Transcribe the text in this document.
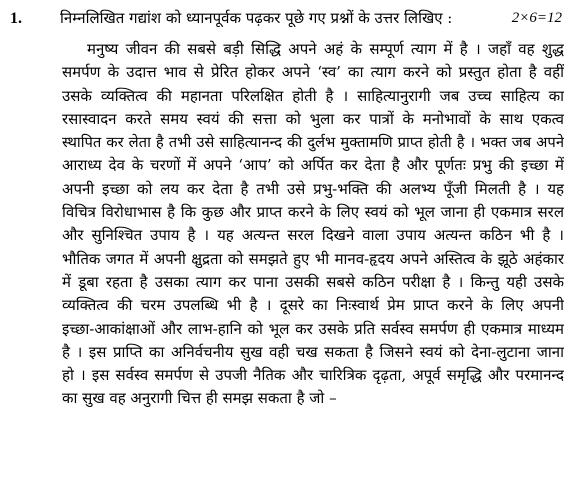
1.	निम्नलिखित गद्यांश को ध्यानपूर्वक पढ़कर पूछे गए प्रश्नों के उत्तर लिखिए :	2×6=12
मनुष्य जीवन की सबसे बड़ी सिद्धि अपने अहं के सम्पूर्ण त्याग में है । जहाँ वह शुद्ध
समर्पण के उदात्त भाव से प्रेरित होकर अपने ‘स्व’ का त्याग करने को प्रस्तुत होता है वहीं
उसके व्यक्तित्व की महानता परिलक्षित होती है । साहित्यानुरागी जब उच्च साहित्य का
रसास्वादन करते समय स्वयं की सत्ता को भुला कर पात्रों के मनोभावों के साथ एकत्व
स्थापित कर लेता है तभी उसे साहित्यानन्द की दुर्लभ मुक्तामणि प्राप्त होती है । भक्त जब अपने
आराध्य देव के चरणों में अपने ‘आप’ को अर्पित कर देता है और पूर्णतः प्रभु की इच्छा में
अपनी इच्छा को लय कर देता है तभी उसे प्रभु-भक्ति की अलभ्य पूँजी मिलती है । यह
विचित्र विरोधाभास है कि कुछ और प्राप्त करने के लिए स्वयं को भूल जाना ही एकमात्र सरल
और सुनिश्चित उपाय है । यह अत्यन्त सरल दिखने वाला उपाय अत्यन्त कठिन भी है ।
भौतिक जगत में अपनी क्षुद्रता को समझते हुए भी मानव-हृदय अपने अस्तित्व के झूठे अहंकार
में डूबा रहता है उसका त्याग कर पाना उसकी सबसे कठिन परीक्षा है । किन्तु यही उसके
व्यक्तित्व की चरम उपलब्धि भी है । दूसरे का निःस्वार्थ प्रेम प्राप्त करने के लिए अपनी
इच्छा-आकांक्षाओं और लाभ-हानि को भूल कर उसके प्रति सर्वस्व समर्पण ही एकमात्र माध्यम
है । इस प्राप्ति का अनिर्वचनीय सुख वही चख सकता है जिसने स्वयं को देना-लुटाना जाना
हो । इस सर्वस्व समर्पण से उपजी नैतिक और चारित्रिक दृढ़ता, अपूर्व समृद्धि और परमानन्द
का सुख वह अनुरागी चित्त ही समझ सकता है जो –
